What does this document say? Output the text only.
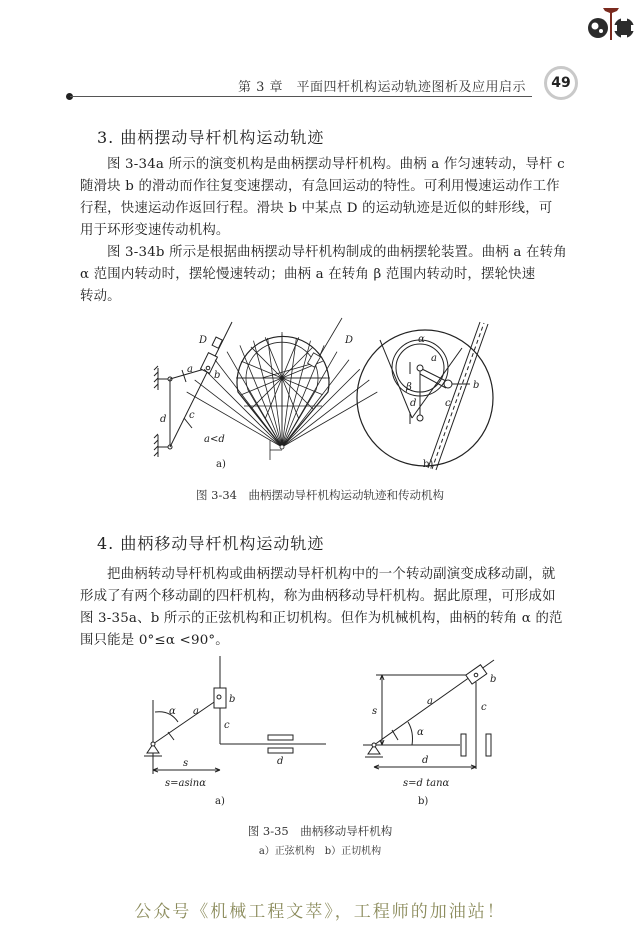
第 3 章　平面四杆机构运动轨迹图析及应用启示	49
3. 曲柄摆动导杆机构运动轨迹
图 3-34a 所示的演变机构是曲柄摆动导杆机构。曲柄 a 作匀速转动，导杆 c
随滑块 b 的滑动而作往复变速摆动，有急回运动的特性。可利用慢速运动作工作
行程，快速运动作返回行程。滑块 b 中某点 D 的运动轨迹是近似的蚌形线，可
用于环形变速传动机构。
图 3-34b 所示是根据曲柄摆动导杆机构制成的曲柄摆轮装置。曲柄 a 在转角
α 范围内转动时，摆轮慢速转动；曲柄 a 在转角 β 范围内转动时，摆轮快速
转动。
D
a
b
c
d
a<d
a)
D	α
a
β	b
d	c
b)
图 3-34　曲柄摆动导杆机构运动轨迹和传动机构
4. 曲柄移动导杆机构运动轨迹
把曲柄转动导杆机构或曲柄摆动导杆机构中的一个转动副演变成移动副，就
形成了有两个移动副的四杆机构，称为曲柄移动导杆机构。据此原理，可形成如
图 3-35a、b 所示的正弦机构和正切机构。但作为机械机构，曲柄的转角 α 的范
围只能是 0°≤α <90°。
α a
b
c
d
s
s=asinα
a)
s
a
α
b
c
d
s=d tanα
b)
图 3-35　曲柄移动导杆机构
a）正弦机构　b）正切机构
公众号《机械工程文萃》，工程师的加油站！
